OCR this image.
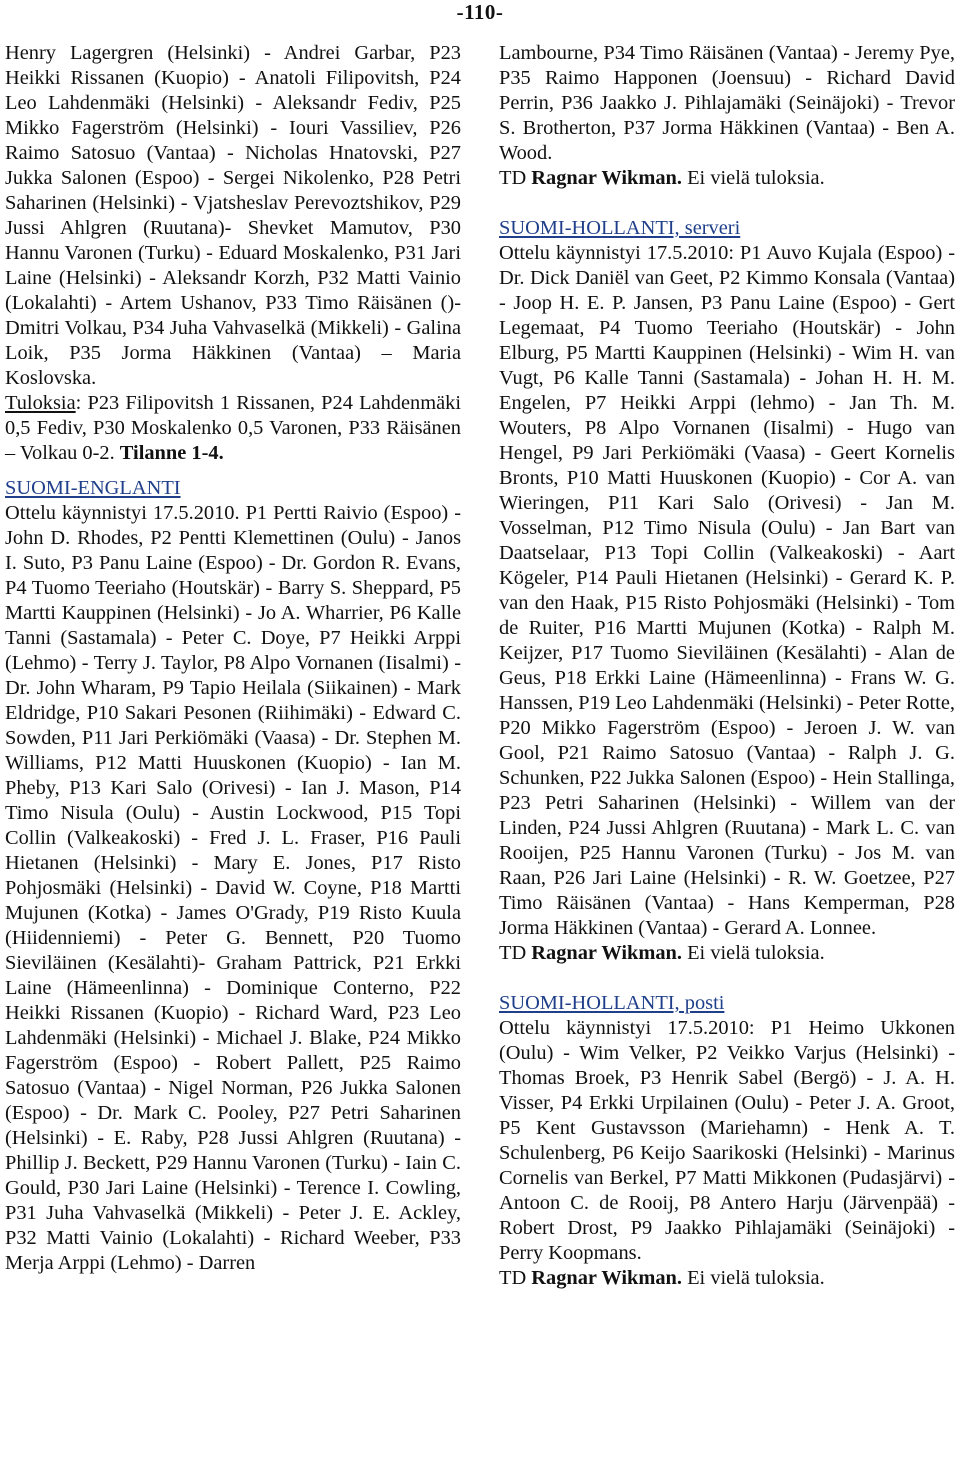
-110-

Henry Lagergren (Helsinki) - Andrei Garbar, P23 Heikki Rissanen (Kuopio) - Anatoli Filipovitsh, P24 Leo Lahdenmäki (Helsinki) - Aleksandr Fediv, P25 Mikko Fagerström (Helsinki) - Iouri Vassiliev, P26 Raimo Satosuo (Vantaa) - Nicholas Hnatovski, P27 Jukka Salonen (Espoo) - Sergei Nikolenko, P28 Petri Saharinen (Helsinki) - Vjatsheslav Perevoztshikov, P29 Jussi Ahlgren (Ruutana)- Shevket Mamutov, P30 Hannu Varonen (Turku) - Eduard Moskalenko, P31 Jari Laine (Helsinki) - Aleksandr Korzh, P32 Matti Vainio (Lokalahti) - Artem Ushanov, P33 Timo Räisänen ()-Dmitri Volkau, P34 Juha Vahvaselkä (Mikkeli) - Galina Loik, P35 Jorma Häkkinen (Vantaa) – Maria Koslovska.

Tuloksia: P23 Filipovitsh 1 Rissanen, P24 Lahdenmäki 0,5 Fediv, P30 Moskalenko 0,5 Varonen, P33 Räisänen – Volkau 0-2. Tilanne 1-4.

SUOMI-ENGLANTI

Ottelu käynnistyi 17.5.2010. P1 Pertti Raivio (Espoo) - John D. Rhodes, P2 Pentti Klemettinen (Oulu) - Janos I. Suto, P3 Panu Laine (Espoo) - Dr. Gordon R. Evans, P4 Tuomo Teeriaho (Houtskär) - Barry S. Sheppard, P5 Martti Kauppinen (Helsinki) - Jo A. Wharrier, P6 Kalle Tanni (Sastamala) - Peter C. Doye, P7 Heikki Arppi (Lehmo) - Terry J. Taylor, P8 Alpo Vornanen (Iisalmi) - Dr. John Wharam, P9 Tapio Heilala (Siikainen) - Mark Eldridge, P10 Sakari Pesonen (Riihimäki) - Edward C. Sowden, P11 Jari Perkiömäki (Vaasa) - Dr. Stephen M. Williams, P12 Matti Huuskonen (Kuopio) - Ian M. Pheby, P13 Kari Salo (Orivesi) - Ian J. Mason, P14 Timo Nisula (Oulu) - Austin Lockwood, P15 Topi Collin (Valkeakoski) - Fred J. L. Fraser, P16 Pauli Hietanen (Helsinki) - Mary E. Jones, P17 Risto Pohjosmäki (Helsinki) - David W. Coyne, P18 Martti Mujunen (Kotka) - James O'Grady, P19 Risto Kuula (Hiidenniemi) - Peter G. Bennett, P20 Tuomo Sieviläinen (Kesälahti)- Graham Pattrick, P21 Erkki Laine (Hämeenlinna) - Dominique Conterno, P22 Heikki Rissanen (Kuopio) - Richard Ward, P23 Leo Lahdenmäki (Helsinki) - Michael J. Blake, P24 Mikko Fagerström (Espoo) - Robert Pallett, P25 Raimo Satosuo (Vantaa) - Nigel Norman, P26 Jukka Salonen (Espoo) - Dr. Mark C. Pooley, P27 Petri Saharinen (Helsinki) - E. Raby, P28 Jussi Ahlgren (Ruutana) - Phillip J. Beckett, P29 Hannu Varonen (Turku) - Iain C. Gould, P30 Jari Laine (Helsinki) - Terence I. Cowling, P31 Juha Vahvaselkä (Mikkeli) - Peter J. E. Ackley, P32 Matti Vainio (Lokalahti) - Richard Weeber, P33 Merja Arppi (Lehmo) - Darren

Lambourne, P34 Timo Räisänen (Vantaa) - Jeremy Pye, P35 Raimo Happonen (Joensuu) - Richard David Perrin, P36 Jaakko J. Pihlajamäki (Seinäjoki) - Trevor S. Brotherton, P37 Jorma Häkkinen (Vantaa) - Ben A. Wood.

TD Ragnar Wikman. Ei vielä tuloksia.

SUOMI-HOLLANTI, serveri

Ottelu käynnistyi 17.5.2010: P1 Auvo Kujala (Espoo) - Dr. Dick Daniël van Geet, P2 Kimmo Konsala (Vantaa) - Joop H. E. P. Jansen, P3 Panu Laine (Espoo) - Gert Legemaat, P4 Tuomo Teeriaho (Houtskär) - John Elburg, P5 Martti Kauppinen (Helsinki) - Wim H. van Vugt, P6 Kalle Tanni (Sastamala) - Johan H. H. M. Engelen, P7 Heikki Arppi (lehmo) - Jan Th. M. Wouters, P8 Alpo Vornanen (Iisalmi) - Hugo van Hengel, P9 Jari Perkiömäki (Vaasa) - Geert Kornelis Bronts, P10 Matti Huuskonen (Kuopio) - Cor A. van Wieringen, P11 Kari Salo (Orivesi) - Jan M. Vosselman, P12 Timo Nisula (Oulu) - Jan Bart van Daatselaar, P13 Topi Collin (Valkeakoski) - Aart Kögeler, P14 Pauli Hietanen (Helsinki) - Gerard K. P. van den Haak, P15 Risto Pohjosmäki (Helsinki) - Tom de Ruiter, P16 Martti Mujunen (Kotka) - Ralph M. Keijzer, P17 Tuomo Sieviläinen (Kesälahti) - Alan de Geus, P18 Erkki Laine (Hämeenlinna) - Frans W. G. Hanssen, P19 Leo Lahdenmäki (Helsinki) - Peter Rotte, P20 Mikko Fagerström (Espoo) - Jeroen J. W. van Gool, P21 Raimo Satosuo (Vantaa) - Ralph J. G. Schunken, P22 Jukka Salonen (Espoo) - Hein Stallinga, P23 Petri Saharinen (Helsinki) - Willem van der Linden, P24 Jussi Ahlgren (Ruutana) - Mark L. C. van Rooijen, P25 Hannu Varonen (Turku) - Jos M. van Raan, P26 Jari Laine (Helsinki) - R. W. Goetzee, P27 Timo Räisänen (Vantaa) - Hans Kemperman, P28 Jorma Häkkinen (Vantaa) - Gerard A. Lonnee.

TD Ragnar Wikman. Ei vielä tuloksia.

SUOMI-HOLLANTI, posti

Ottelu käynnistyi 17.5.2010: P1 Heimo Ukkonen (Oulu) - Wim Velker, P2 Veikko Varjus (Helsinki) - Thomas Broek, P3 Henrik Sabel (Bergö) - J. A. H. Visser, P4 Erkki Urpilainen (Oulu) - Peter J. A. Groot, P5 Kent Gustavsson (Mariehamn) - Henk A. T. Schulenberg, P6 Keijo Saarikoski (Helsinki) - Marinus Cornelis van Berkel, P7 Matti Mikkonen (Pudasjärvi) - Antoon C. de Rooij, P8 Antero Harju (Järvenpää) - Robert Drost, P9 Jaakko Pihlajamäki (Seinäjoki) - Perry Koopmans.

TD Ragnar Wikman. Ei vielä tuloksia.
